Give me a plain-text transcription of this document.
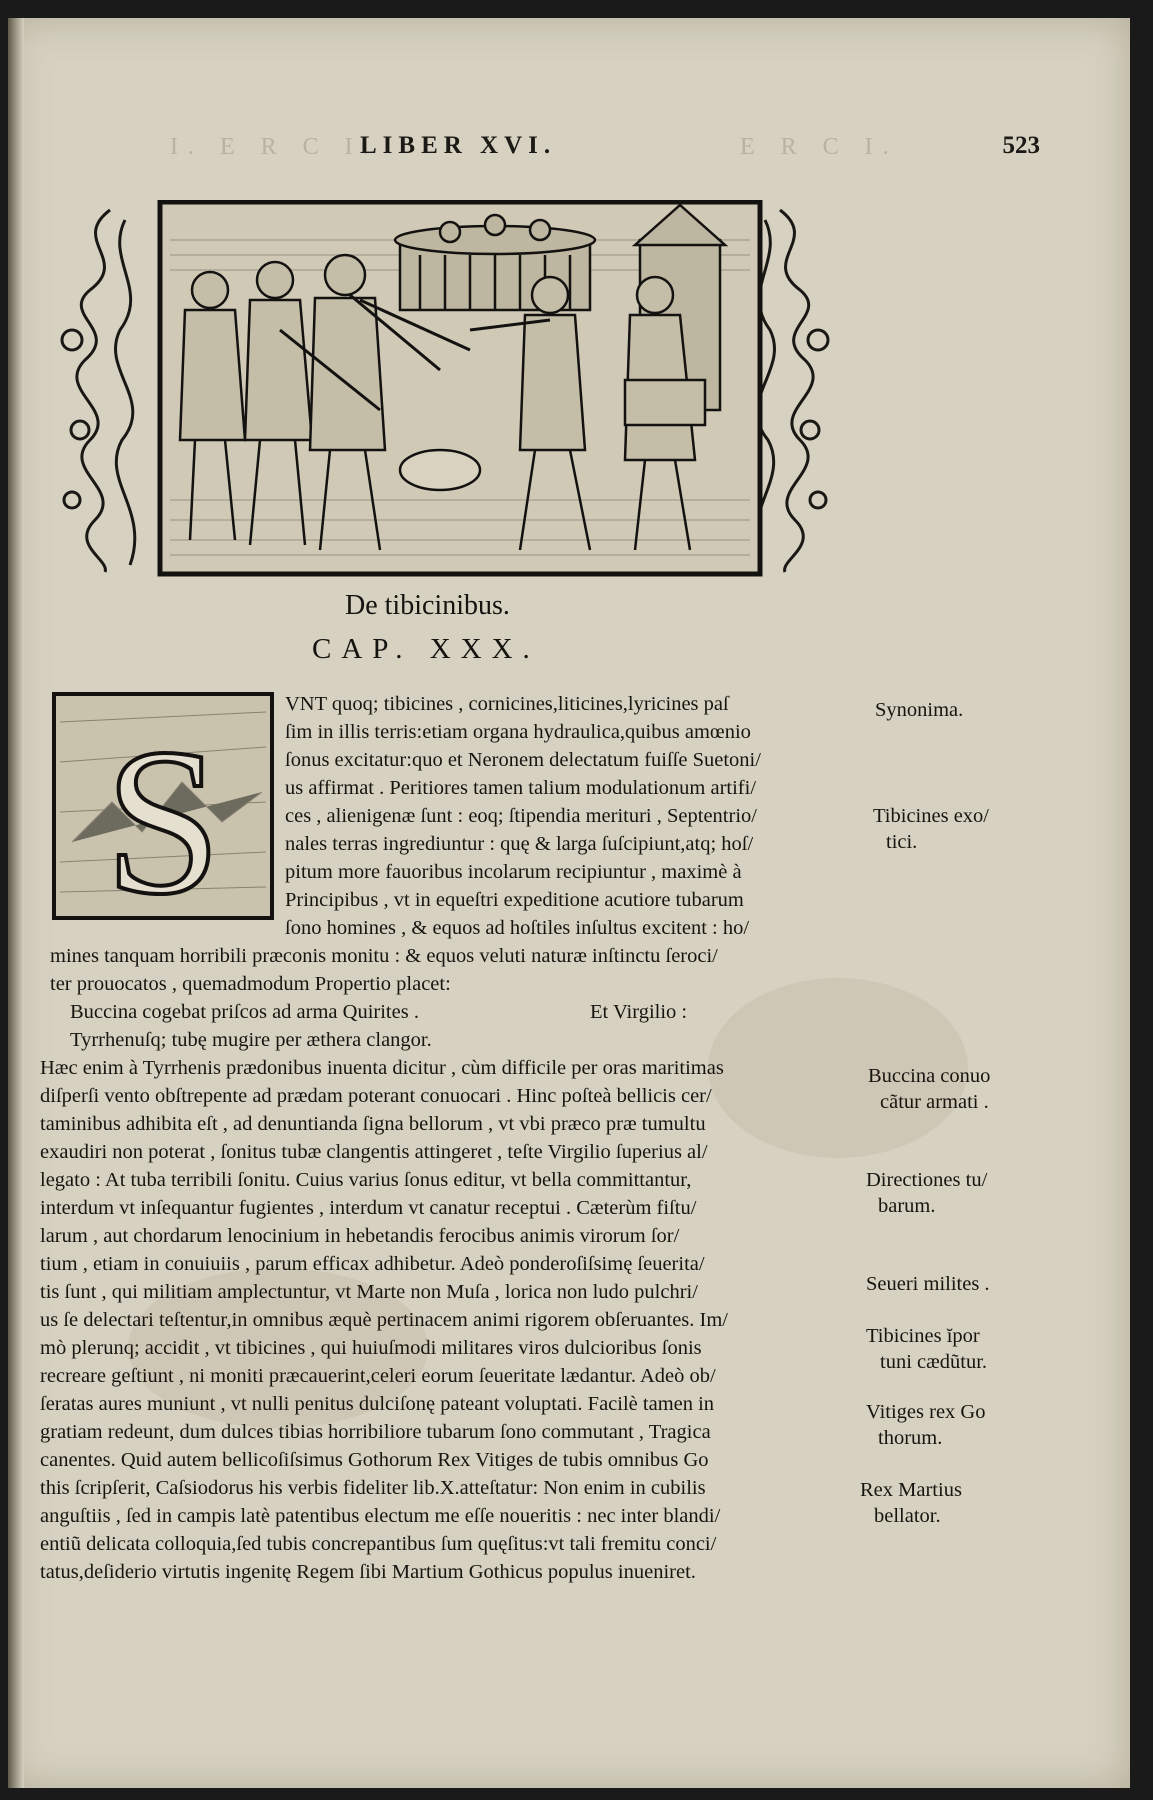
I. E R C I.
LIBER XVI.	E R C I.	523
De tibicinibus.
CAP. XXX.
S
VNT quoq; tibicines , cornicines,liticines,lyricines paſ
ſim in illis terris:etiam organa hydraulica,quibus amœnio
ſonus excitatur:quo et Neronem delectatum fuiſſe Suetoni/
us affirmat . Peritiores tamen talium modulationum artifi/
ces , alienigenæ ſunt : eoq; ſtipendia meriturі , Septentrio/
nales terras ingrediuntur : quę & larga ſuſcipiunt,atq; hoſ/
pitum more fauoribus incolarum recipiuntur , maximè à
Principibus , vt in equeſtri expeditione acutiore tubarum
ſono homines , & equos ad hoſtiles inſultus excitent : ho/
mines tanquam horribili præconis monitu : & equos veluti naturæ inſtinctu ſeroci/
ter prouocatos , quemadmodum Propertio placet:
Buccina cogebat priſcos ad arma Quirites .	Et Virgilio :
Tyrrhenuſq; tubę mugire per æthera clangor.
Hæc enim à Tyrrhenis prædonibus inuenta dicitur , cùm difficile per oras maritimas
diſperſi vento obſtrepente ad prædam poterant conuocari . Hinc poſteà bellicis cer/
taminibus adhibita eſt , ad denuntianda ſigna bellorum , vt vbi præco præ tumultu
exaudiri non poterat , ſonitus tubæ clangentis attingeret , teſte Virgilio ſuperius al/
legato : At tuba terribili ſonitu. Cuius varius ſonus editur, vt bella committantur,
interdum vt inſequantur fugientes , interdum vt canatur receptui . Cæterùm fiſtu/
larum , aut chordarum lenocinium in hebetandis ferocibus animis virorum ſor/
tium , etiam in conuiuiis , parum efficax adhibetur. Adeò ponderoſiſsimę ſeueritа/
tis ſunt , qui militiam ampleсtuntur, vt Marte non Muſa , lorica non ludo pulchri/
us ſe delectari teſtentur,in omnibus æquè pertinacem animi rigorem obſeruantes. Im/
mò plerunq; accidit , vt tibicines , qui huiuſmodi militares viros dulcioribus ſonis
recreare geſtiunt , ni moniti præcauerint,celeri eorum ſeueritate lædantur. Adeò ob/
ſeratas aures muniunt , vt nulli penitus dulciſonę pateant voluptati. Facilè tamen in
gratiam redeunt, dum dulces tibias horribiliore tubarum ſono commutant , Tragica
canentes. Quid autem bellicoſiſsimus Gothorum Rex Vitiges de tubis omnibus Go
this ſcripſerit, Caſsiodorus his verbis fideliter lib.X.atteſtatur: Non enim in cubilis
anguſtiis , ſed in campis latè patentibus electum me eſſe noueritis : nec inter blandi/
entiũ delicata colloquia,ſed tubis concrepantibus ſum quęſitus:vt tali fremitu conci/
tatus,deſiderio virtutis ingenitę Regem ſibi Martium Gothicus populus inueniret.
Synonima.
Tibicines exo/
tici.
Buccina conuo
cãtur armati .
Directiones tu/
barum.
Seueri milites .
Tibicines ĭpor
tuni cædũtur.
Vitiges rex Go
thorum.
Rex Martius
bellator.
